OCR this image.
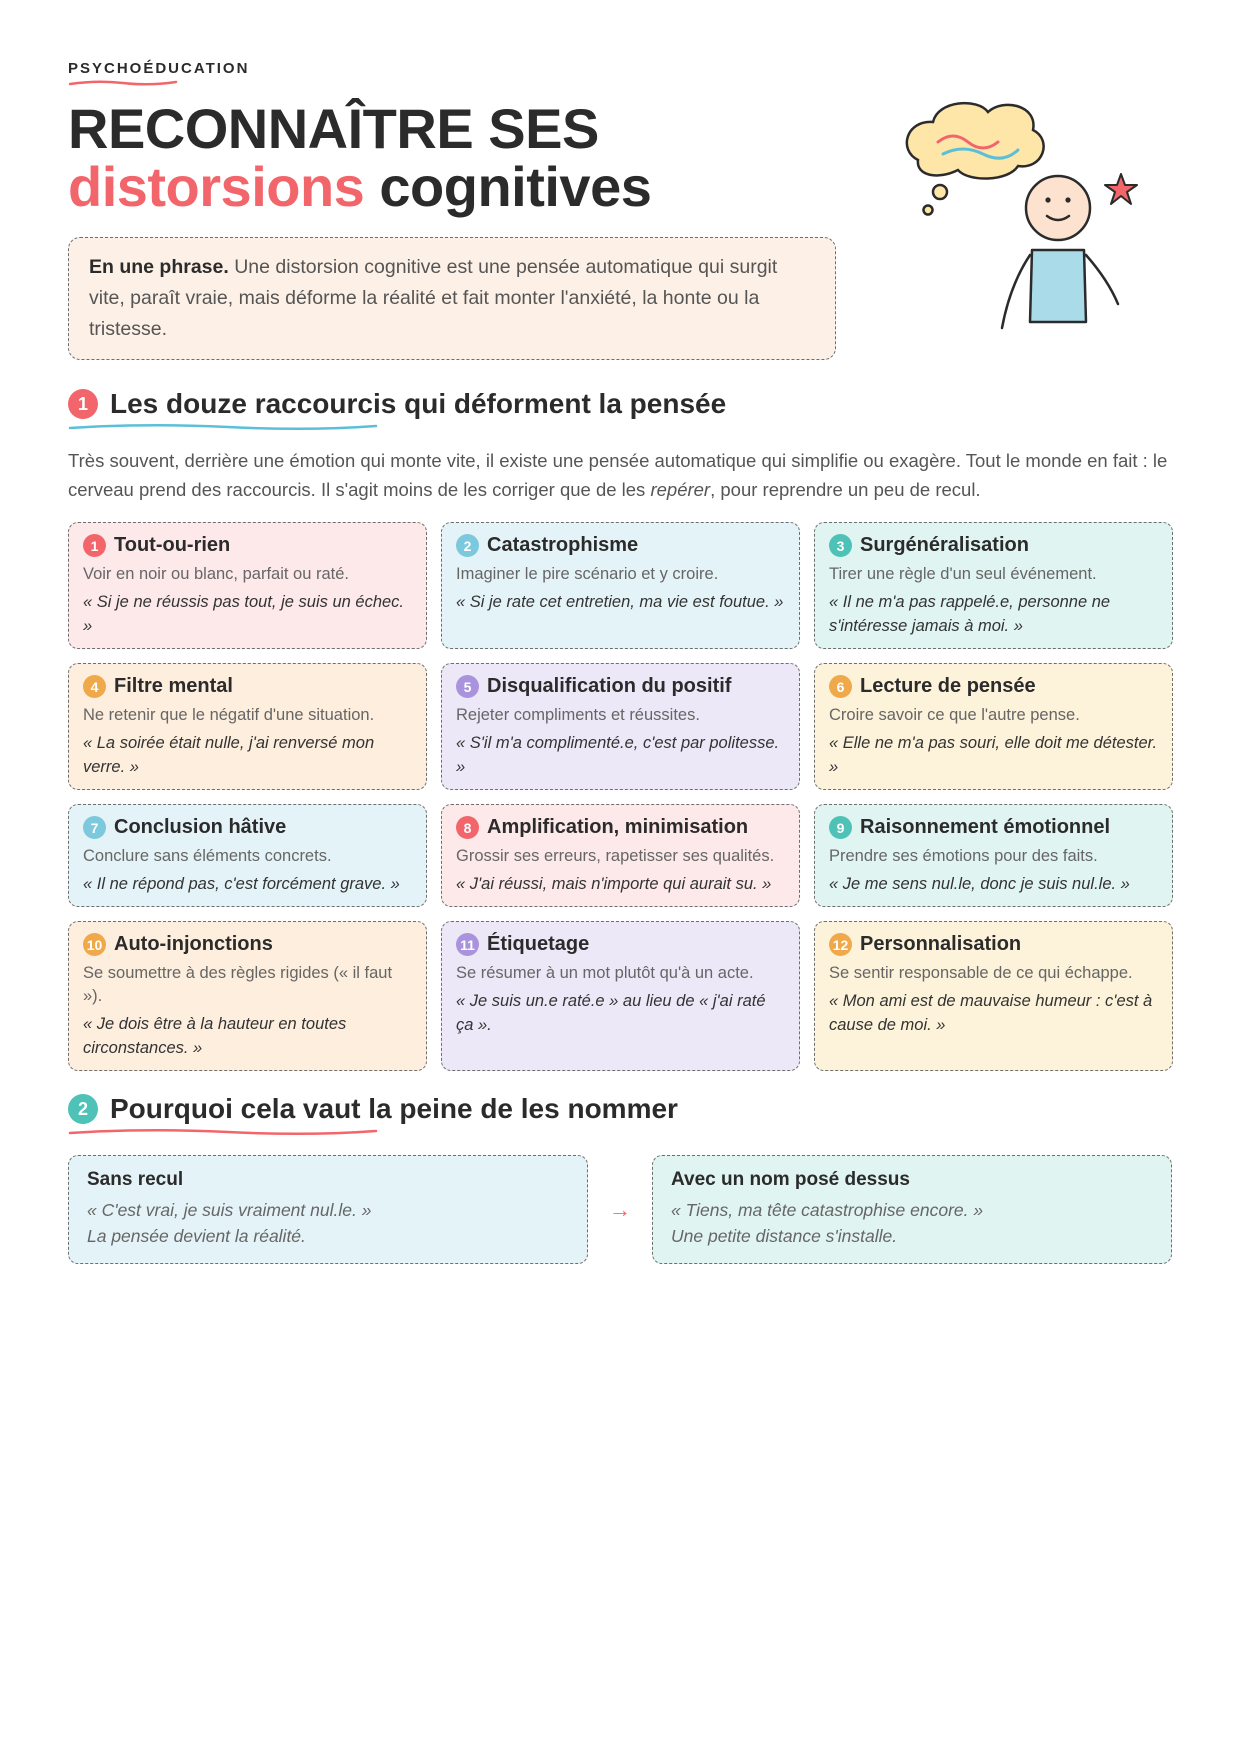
PSYCHOÉDUCATION
RECONNAÎTRE SES
distorsions cognitives
En une phrase. Une distorsion cognitive est une pensée automatique qui surgit vite, paraît vraie, mais déforme la réalité et fait monter l'anxiété, la honte ou la tristesse.
1 Les douze raccourcis qui déforment la pensée

Très souvent, derrière une émotion qui monte vite, il existe une pensée automatique qui simplifie ou exagère. Tout le monde en fait : le cerveau prend des raccourcis. Il s'agit moins de les corriger que de les repérer, pour reprendre un peu de recul.

1 Tout-ou-rien
Voir en noir ou blanc, parfait ou raté.
« Si je ne réussis pas tout, je suis un échec. »
2 Catastrophisme
Imaginer le pire scénario et y croire.
« Si je rate cet entretien, ma vie est foutue. »
3 Surgénéralisation
Tirer une règle d'un seul événement.
« Il ne m'a pas rappelé.e, personne ne s'intéresse jamais à moi. »
4 Filtre mental
Ne retenir que le négatif d'une situation.
« La soirée était nulle, j'ai renversé mon verre. »
5 Disqualification du positif
Rejeter compliments et réussites.
« S'il m'a complimenté.e, c'est par politesse. »
6 Lecture de pensée
Croire savoir ce que l'autre pense.
« Elle ne m'a pas souri, elle doit me détester. »
7 Conclusion hâtive
Conclure sans éléments concrets.
« Il ne répond pas, c'est forcément grave. »
8 Amplification, minimisation
Grossir ses erreurs, rapetisser ses qualités.
« J'ai réussi, mais n'importe qui aurait su. »
9 Raisonnement émotionnel
Prendre ses émotions pour des faits.
« Je me sens nul.le, donc je suis nul.le. »
10 Auto-injonctions
Se soumettre à des règles rigides (« il faut »).
« Je dois être à la hauteur en toutes circonstances. »
11 Étiquetage
Se résumer à un mot plutôt qu'à un acte.
« Je suis un.e raté.e » au lieu de « j'ai raté ça ».
12 Personnalisation
Se sentir responsable de ce qui échappe.
« Mon ami est de mauvaise humeur : c'est à cause de moi. »
2 Pourquoi cela vaut la peine de les nommer
Sans recul
« C'est vrai, je suis vraiment nul.le. »
La pensée devient la réalité.
→
Avec un nom posé dessus
« Tiens, ma tête catastrophise encore. »
Une petite distance s'installe.
